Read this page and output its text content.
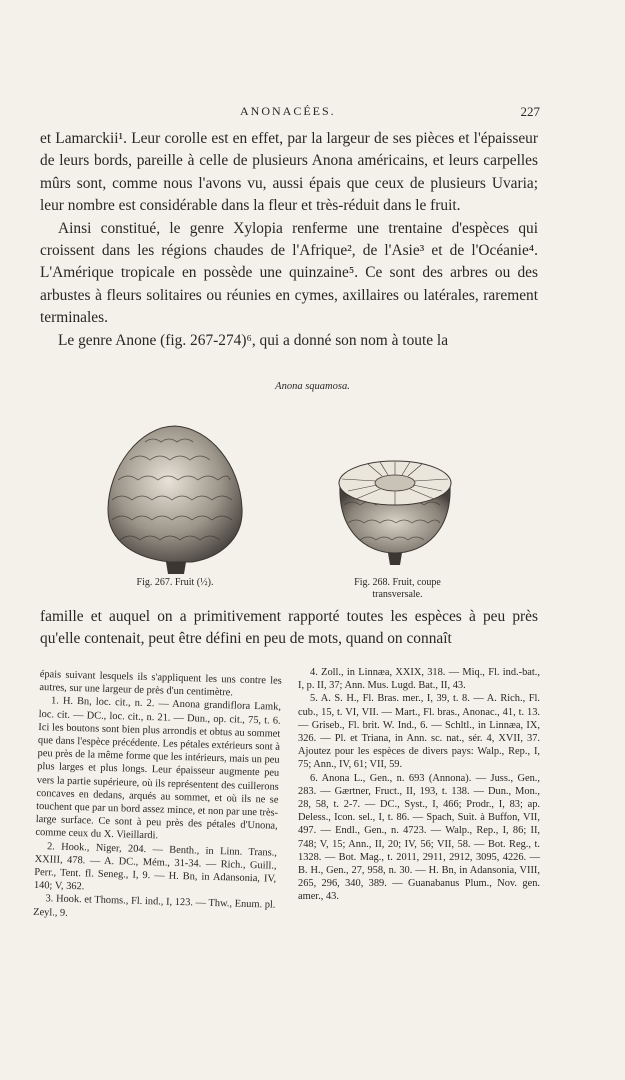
ANONACÉES.	227

et Lamarckii¹. Leur corolle est en effet, par la largeur de ses pièces et l'épaisseur de leurs bords, pareille à celle de plusieurs Anona américains, et leurs carpelles mûrs sont, comme nous l'avons vu, aussi épais que ceux de plusieurs Uvaria; leur nombre est considérable dans la fleur et très-réduit dans le fruit.

Ainsi constitué, le genre Xylopia renferme une trentaine d'espèces qui croissent dans les régions chaudes de l'Afrique², de l'Asie³ et de l'Océanie⁴. L'Amérique tropicale en possède une quinzaine⁵. Ce sont des arbres ou des arbustes à fleurs solitaires ou réunies en cymes, axillaires ou latérales, rarement terminales.

Le genre Anone (fig. 267-274)⁶, qui a donné son nom à toute la

Anona squamosa.
Fig. 267. Fruit (½).	Fig. 268. Fruit, coupe transversale.

famille et auquel on a primitivement rapporté toutes les espèces à peu près qu'elle contenait, peut être défini en peu de mots, quand on connaît

épais suivant lesquels ils s'appliquent les uns contre les autres, sur une largeur de près d'un centimètre.

1. H. Bn, loc. cit., n. 2. — Anona grandiflora Lamk, loc. cit. — DC., loc. cit., n. 21. — Dun., op. cit., 75, t. 6. Ici les boutons sont bien plus arrondis et obtus au sommet que dans l'espèce précédente. Les pétales extérieurs sont à peu près de la même forme que les intérieurs, mais un peu plus larges et plus longs. Leur épaisseur augmente peu vers la partie supérieure, où ils représentent des cuillerons concaves en dedans, arqués au sommet, et où ils ne se touchent que par un bord assez mince, et non par une très-large surface. Ce sont à peu près des pétales d'Unona, comme ceux du X. Vieillardi.

2. Hook., Niger, 204. — Benth., in Linn. Trans., XXIII, 478. — A. DC., Mém., 31-34. — Rich., Guill., Perr., Tent. fl. Seneg., I, 9. — H. Bn, in Adansonia, IV, 140; V, 362.

3. Hook. et Thoms., Fl. ind., I, 123. — Thw., Enum. pl. Zeyl., 9.

4. Zoll., in Linnæa, XXIX, 318. — Miq., Fl. ind.-bat., I, p. II, 37; Ann. Mus. Lugd. Bat., II, 43.

5. A. S. H., Fl. Bras. mer., I, 39, t. 8. — A. Rich., Fl. cub., 15, t. VI, VII. — Mart., Fl. bras., Anonac., 41, t. 13. — Griseb., Fl. brit. W. Ind., 6. — Schltl., in Linnæa, IX, 326. — Pl. et Triana, in Ann. sc. nat., sér. 4, XVII, 37. Ajoutez pour les espèces de divers pays: Walp., Rep., I, 75; Ann., IV, 61; VII, 59.

6. Anona L., Gen., n. 693 (Annona). — Juss., Gen., 283. — Gærtner, Fruct., II, 193, t. 138. — Dun., Mon., 28, 58, t. 2-7. — DC., Syst., I, 466; Prodr., I, 83; ap. Deless., Icon. sel., I, t. 86. — Spach, Suit. à Buffon, VII, 497. — Endl., Gen., n. 4723. — Walp., Rep., I, 86; II, 748; V, 15; Ann., II, 20; IV, 56; VII, 58. — Bot. Reg., t. 1328. — Bot. Mag., t. 2011, 2911, 2912, 3095, 4226. — B. H., Gen., 27, 958, n. 30. — H. Bn, in Adansonia, VIII, 265, 296, 340, 389. — Guanabanus Plum., Nov. gen. amer., 43.
